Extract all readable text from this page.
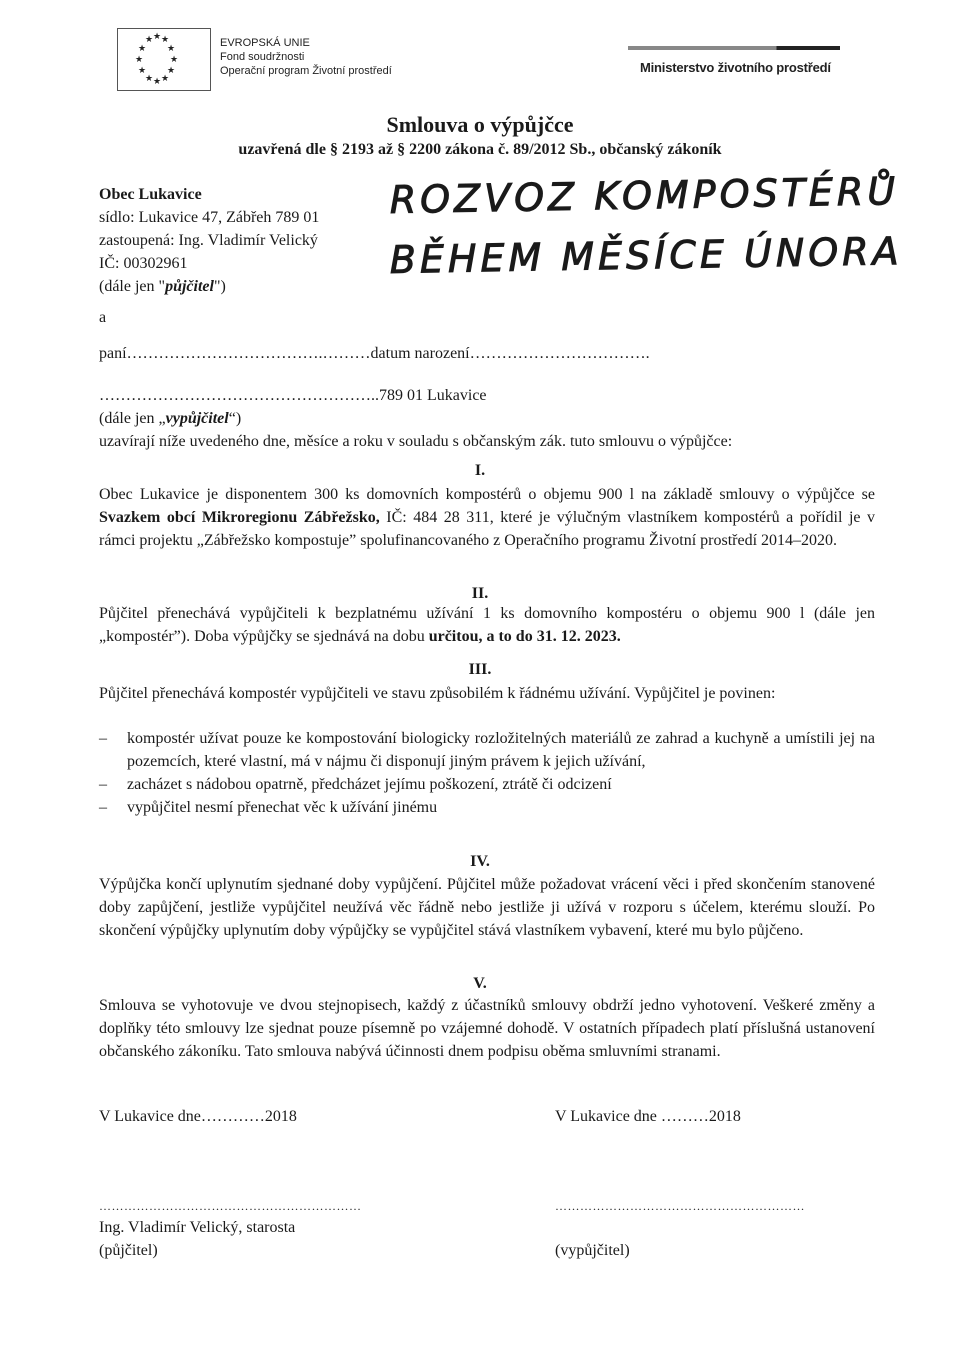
★ ★ ★
★ ★
★	★
★ ★
★ ★ ★
EVROPSKÁ UNIE
Fond soudržnosti
Operační program Životní prostředí	Ministerstvo životního prostředí
Smlouva o výpůjčce
uzavřená dle § 2193 až § 2200 zákona č. 89/2012 Sb., občanský zákoník
Obec Lukavice
sídlo: Lukavice 47, Zábřeh 789 01
zastoupená: Ing. Vladimír Velický
IČ: 00302961
(dále jen "půjčitel")
ROZVOZ KOMPOSTÉRŮ
BĚHEM MĚSÍCE ÚNORA
a
paní……………………………….………datum narození…………………………….
……………………………………………..789 01 Lukavice
(dále jen „vypůjčitel“)
uzavírají níže uvedeného dne, měsíce a roku v souladu s občanským zák. tuto smlouvu o výpůjčce:
I.
Obec Lukavice je disponentem 300 ks domovních kompostérů o objemu 900 l na základě smlouvy o výpůjčce se Svazkem obcí Mikroregionu Zábřežsko, IČ: 484 28 311, které je výlučným vlastníkem kompostérů a pořídil je v rámci projektu „Zábřežsko kompostuje” spolufinancovaného z Operačního programu Životní prostředí 2014–2020.
II.
Půjčitel přenechává vypůjčiteli k bezplatnému užívání 1 ks domovního kompostéru o objemu 900 l (dále jen „kompostér”). Doba výpůjčky se sjednává na dobu určitou, a to do 31. 12. 2023.
III.
Půjčitel přenechává kompostér vypůjčiteli ve stavu způsobilém k řádnému užívání. Vypůjčitel je povinen:
– kompostér užívat pouze ke kompostování biologicky rozložitelných materiálů ze zahrad a kuchyně a umístili jej na pozemcích, které vlastní, má v nájmu či disponují jiným právem k jejich užívání,
– zacházet s nádobou opatrně, předcházet jejímu poškození, ztrátě či odcizení
– vypůjčitel nesmí přenechat věc k užívání jinému
IV.
Výpůjčka končí uplynutím sjednané doby vypůjčení. Půjčitel může požadovat vrácení věci i před skončením stanovené doby zapůjčení, jestliže vypůjčitel neužívá věc řádně nebo jestliže ji užívá v rozporu s účelem, kterému slouží. Po skončení výpůjčky uplynutím doby výpůjčky se vypůjčitel stává vlastníkem vybavení, které mu bylo půjčeno.
V.
Smlouva se vyhotovuje ve dvou stejnopisech, každý z účastníků smlouvy obdrží jedno vyhotovení. Veškeré změny a doplňky této smlouvy lze sjednat pouze písemně po vzájemné dohodě. V ostatních případech platí příslušná ustanovení občanského zákoníku. Tato smlouva nabývá účinnosti dnem podpisu oběma smluvními stranami.
V Lukavice dne…………2018	V Lukavice dne ………2018
………………………………………………………	……………………………………………………
Ing. Vladimír Velický, starosta
(půjčitel)	(vypůjčitel)
